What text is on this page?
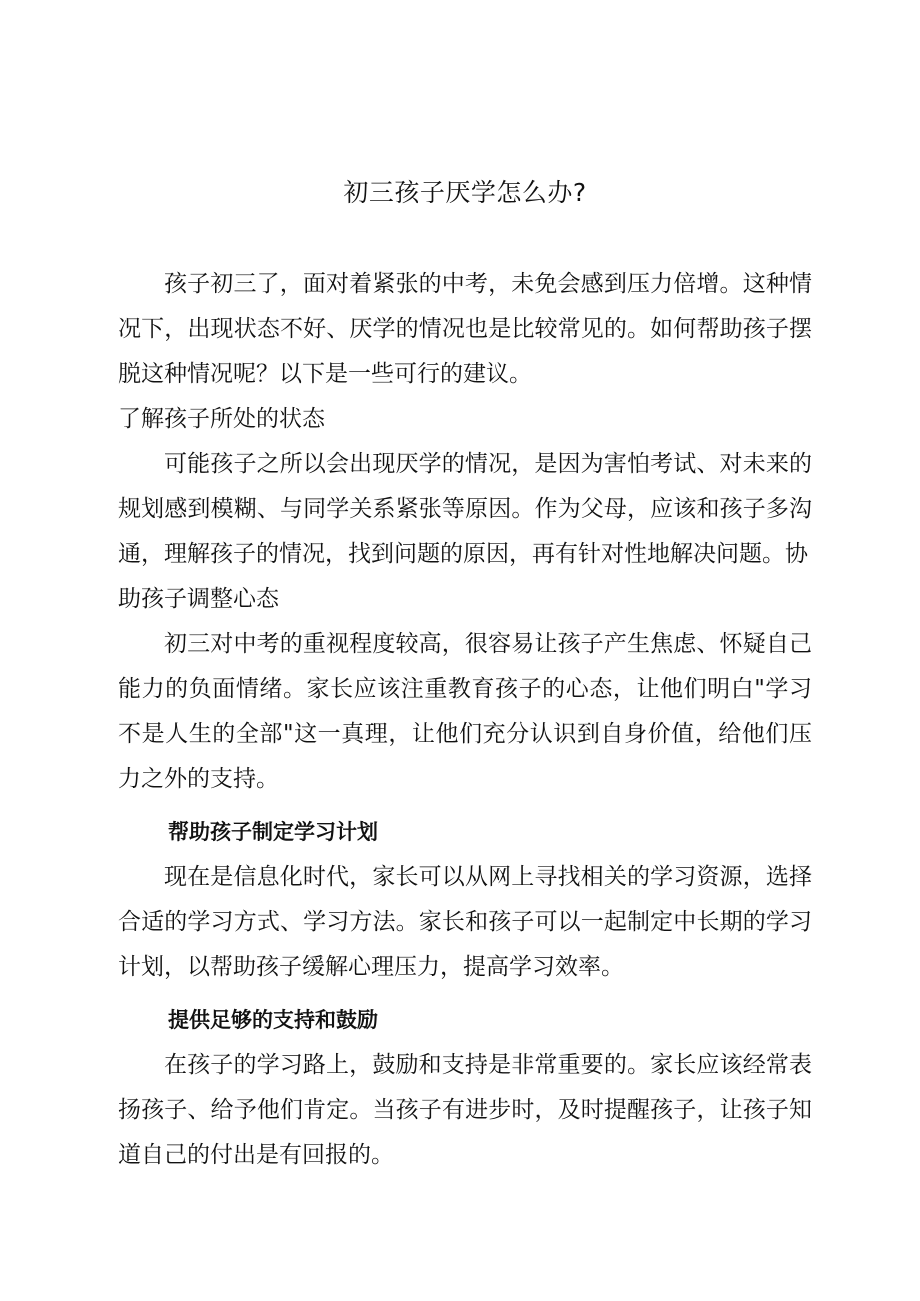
初三孩子厌学怎么办?

孩子初三了，面对着紧张的中考，未免会感到压力倍增。这种情况下，出现状态不好、厌学的情况也是比较常见的。如何帮助孩子摆脱这种情况呢？以下是一些可行的建议。

了解孩子所处的状态

可能孩子之所以会出现厌学的情况，是因为害怕考试、对未来的规划感到模糊、与同学关系紧张等原因。作为父母，应该和孩子多沟通，理解孩子的情况，找到问题的原因，再有针对性地解决问题。协

助孩子调整心态

初三对中考的重视程度较高，很容易让孩子产生焦虑、怀疑自己能力的负面情绪。家长应该注重教育孩子的心态，让他们明白"学习不是人生的全部"这一真理，让他们充分认识到自身价值，给他们压力之外的支持。

帮助孩子制定学习计划

现在是信息化时代，家长可以从网上寻找相关的学习资源，选择合适的学习方式、学习方法。家长和孩子可以一起制定中长期的学习计划，以帮助孩子缓解心理压力，提高学习效率。

提供足够的支持和鼓励

在孩子的学习路上，鼓励和支持是非常重要的。家长应该经常表扬孩子、给予他们肯定。当孩子有进步时，及时提醒孩子，让孩子知道自己的付出是有回报的。
